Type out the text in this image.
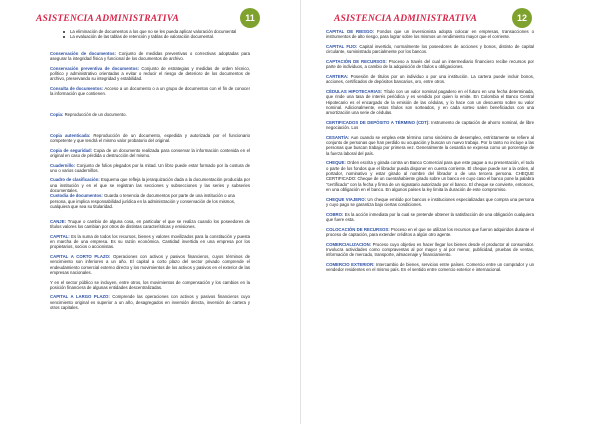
ASISTENCIA ADMINISTRATIVA	11
La eliminación de documentos a los que no se les pueda aplicar valoración documental
La evaluación de las tablas de retención y tablas de valoración documental.
Conservación de documentos: Conjunto de medidas preventivas o correctivas adoptadas para asegurar la integridad física y funcional de los documentos de archivo.
Conservación preventiva de documentos: Conjunto de estrategias y medidas de orden técnico, político y administrativo orientadas a evitar o reducir el riesgo de deterioro de los documentos de archivo, preservando su integridad y estabilidad.
Consulta de documentos: Acceso a un documento o a un grupo de documentos con el fin de conocer la información que contienen.
Copia: Reproducción de un documento.
Copia autenticada: Reproducción de un documento, expedida y autorizada por el funcionario competente y que tendrá el mismo valor probatorio del original.
Copia de seguridad: Copia de un documento realizada para conservar la información contenida en el original en caso de pérdida o destrucción del mismo.
Cuadernillo: Conjunto de folios plegados por la mitad. Un libro puede estar formado por la costura de uno o varios cuadernillos.
Cuadro de clasificación: Esquema que refleja la jerarquización dada a la documentación producida por una institución y en el que se registran las secciones y subsecciones y las series y subseries documentales.
Custodia de documentos: Guarda o tenencia de documentos por parte de una institución o una persona, que implica responsabilidad jurídica en la administración y conservación de los mismos, cualquiera que sea su titularidad.
CANJE: Truque o cambio de alguna cosa, en particular el que se realiza cuando los poseedores de títulos valores los cambian por otros de distintas características y emisiones.
CAPITAL: Es la suma de todos los recursos, bienes y valores movilizados para la constitución y puesta en marcha de una empresa. Es su razón económica. Cantidad invertida en una empresa por los propietarios, socios o accionistas.
CAPITAL A CORTO PLAZO: Operaciones con activos y pasivos financieros, cuyos términos de vencimiento son inferiores a un año. El capital a corto plazo del sector privado comprende el endeudamiento comercial externo directo y los movimientos de los activos y pasivos en el exterior de las empresas nacionales.
Y en el sector público se incluyen, entre otros, los movimientos de compensación y los cambios en la posición financiera de algunas entidades descentralizadas.
CAPITAL A LARGO PLAZO: Comprende las operaciones con activos y pasivos financieros cuyo vencimiento original es superior a un año, desagregados en inversión directa, inversión de cartera y otros capitales.
ASISTENCIA ADMINISTRATIVA	12
CAPITAL DE RIESGO: Fondos que un inversionista adopta colocar en empresas, transacciones o instrumentos de alto riesgo, para lograr sobre los mismos un rendimiento mayor que el corriente.
CAPITAL FIJO: Capital invertido, normalmente los poseedores de acciones y bonos, distinto de capital circulante, suministrado parcialmente por los bancos.
CAPTACIÓN DE RECURSOS: Proceso a través del cual un intermediario financiero recibe recursos por parte de individuos, a cambio de la adquisición de títulos u obligaciones.
CARTERA: Posesión de títulos por un individuo o por una institución. La cartera puede incluir bonos, acciones, certificados de depósitos bancarios, oro, entre otros.
CÉDULAS HIPOTECARIAS: Título con un valor nominal pagadero en el futuro en una fecha determinada, que rinde una tasa de interés periódica y es vendido por quien lo emite. En Colombia el Banco Central Hipotecario es el encargado de la emisión de las cédulas, y lo hace con un descuento sobre su valor nominal. Adicionalmente, estos títulos son sorteados, y en cada sorteo salen beneficiados con una amortización una serie de cédulas.
CERTIFICADOS DE DEPÓSITO A TÉRMINO (CDT): Instrumento de captación de ahorro nominal, de libre negociación. Los
CESANTÍA: Aun cuando se emplea este término como sinónimo de desempleo, estrictamente se refiere al conjunto de personas que han perdido su ocupación y buscan un nuevo trabajo. Por lo tanto no incluye a las personas que buscan trabajo por primera vez. Generalmente la cesantía se expresa como un porcentaje de la fuerza laboral del país.
CHEQUE: Orden escrita y girada contra un Banco Comercial para que este pague a su presentación, el todo o parte de los fondos que el librador pueda disponer en cuenta corriente. El cheque puede ser a la orden, al portador, nominativo y estar girado al nombre del librador o de una tercera persona. CHEQUE CERTIFICADO: Cheque de un cuentahabiente girado sobre un banco en cuyo caso el banco pone la palabra "certificado" con la fecha y firma de un signatario autorizado por el banco. El cheque se convierte, entonces, en una obligación en el banco. En algunos países la ley limita la duración de este compromiso.
CHEQUE VIAJERO: Un cheque emitido por bancos e instituciones especializadas que compra una persona y cuyo pago se garantiza bajo ciertas condiciones.
COBRO: Es la acción inmediata por la cual se pretende obtener la satisfacción de una obligación cualquiera que fuere esta.
COLOCACIÓN DE RECURSOS: Proceso en el que se utilizan los recursos que fueron adquiridos durante el proceso de captación, para extender créditos a algún otro agente.
COMERCIALIZACION: Proceso cuyo objetivo es hacer llegar los bienes desde el productor al consumidor. Involucra actividades como compraventas al por mayor y al por menor, publicidad, pruebas de ventas, información de mercado, transporte, almacenaje y financiamiento.
COMERCIO EXTERIOR: Intercambio de bienes, servicios entre países. Comercio entre un comprador y un vendedor residentes en el mismo país. En el sentido entre comercio exterior e internacional.
